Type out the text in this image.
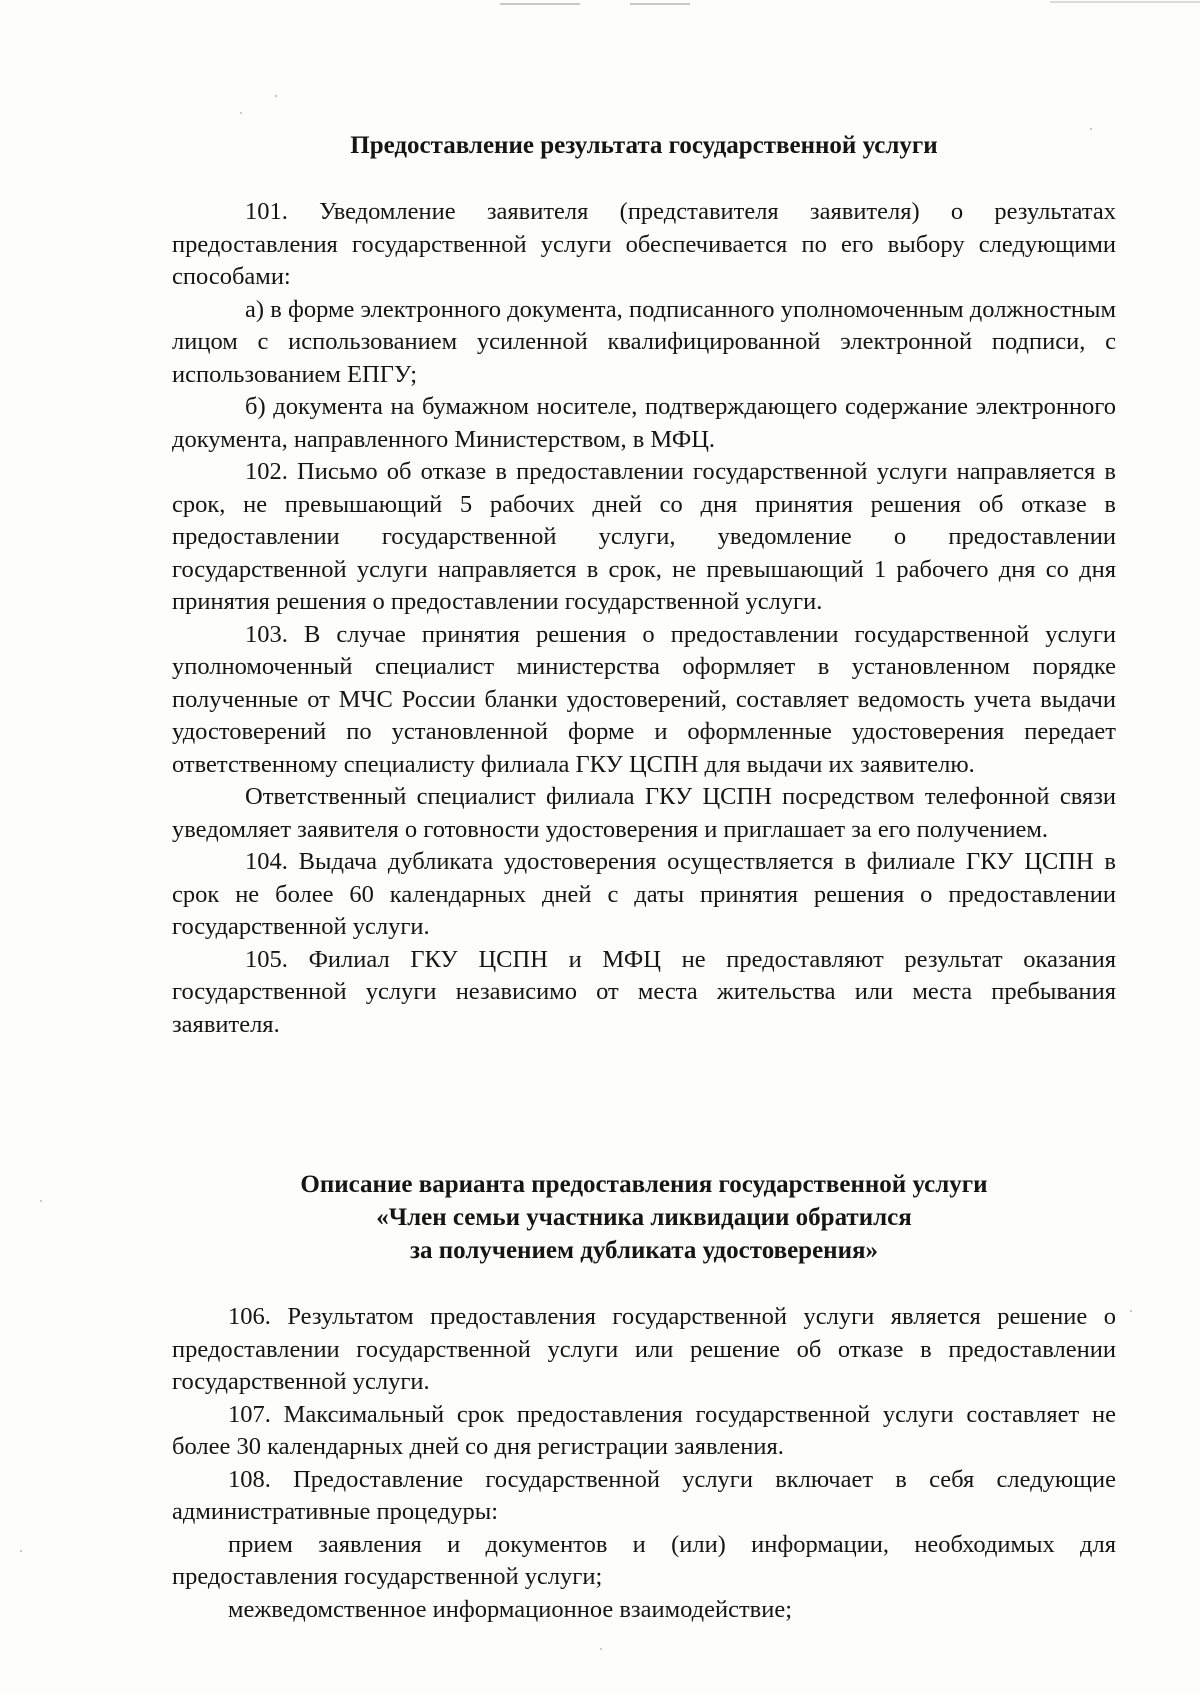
Предоставление результата государственной услуги

101. Уведомление заявителя (представителя заявителя) о результатах предоставления государственной услуги обеспечивается по его выбору следующими способами:

а) в форме электронного документа, подписанного уполномоченным должностным лицом с использованием усиленной квалифицированной электронной подписи, с использованием ЕПГУ;

б) документа на бумажном носителе, подтверждающего содержание электронного документа, направленного Министерством, в МФЦ.

102. Письмо об отказе в предоставлении государственной услуги направляется в срок, не превышающий 5 рабочих дней со дня принятия решения об отказе в предоставлении государственной услуги, уведомление о предоставлении государственной услуги направляется в срок, не превышающий 1 рабочего дня со дня принятия решения о предоставлении государственной услуги.

103. В случае принятия решения о предоставлении государственной услуги уполномоченный специалист министерства оформляет в установленном порядке полученные от МЧС России бланки удостоверений, составляет ведомость учета выдачи удостоверений по установленной форме и оформленные удостоверения передает ответственному специалисту филиала ГКУ ЦСПН для выдачи их заявителю.

Ответственный специалист филиала ГКУ ЦСПН посредством телефонной связи уведомляет заявителя о готовности удостоверения и приглашает за его получением.

104. Выдача дубликата удостоверения осуществляется в филиале ГКУ ЦСПН в срок не более 60 календарных дней с даты принятия решения о предоставлении государственной услуги.

105. Филиал ГКУ ЦСПН и МФЦ не предоставляют результат оказания государственной услуги независимо от места жительства или места пребывания заявителя.

Описание варианта предоставления государственной услуги
«Член семьи участника ликвидации обратился
за получением дубликата удостоверения»

106. Результатом предоставления государственной услуги является решение о предоставлении государственной услуги или решение об отказе в предоставлении государственной услуги.

107. Максимальный срок предоставления государственной услуги составляет не более 30 календарных дней со дня регистрации заявления.

108. Предоставление государственной услуги включает в себя следующие административные процедуры:

прием заявления и документов и (или) информации, необходимых для предоставления государственной услуги;

межведомственное информационное взаимодействие;
